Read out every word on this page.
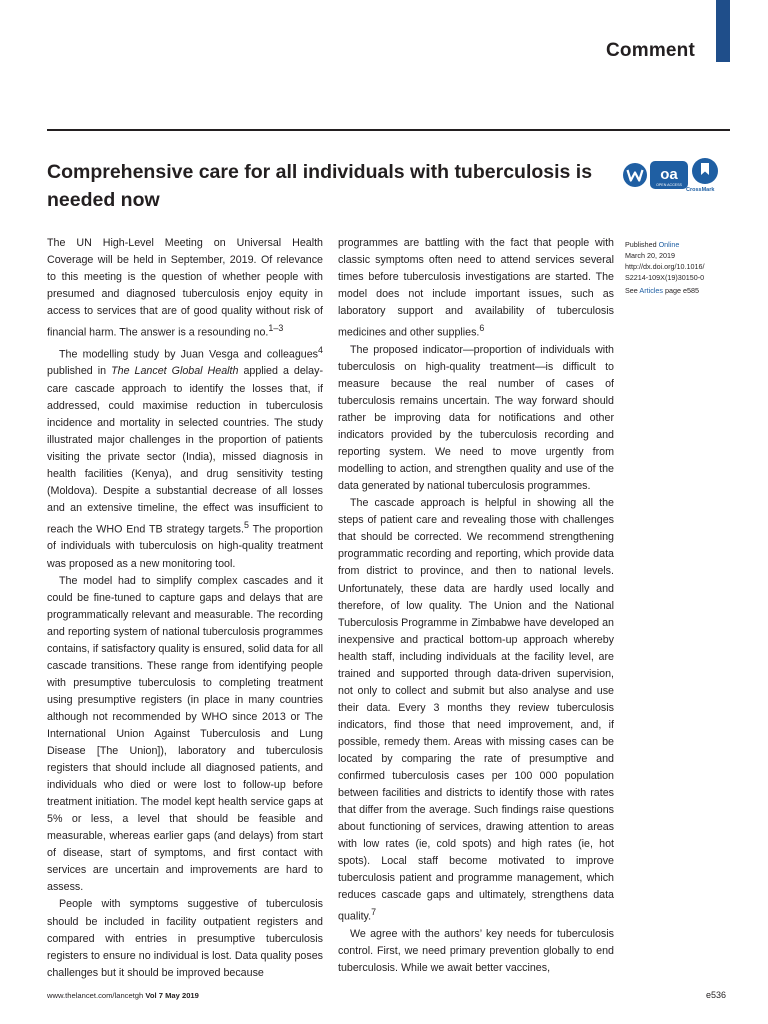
Comment
Comprehensive care for all individuals with tuberculosis is needed now
oa
OPEN ACCESS
CrossMark

The UN High-Level Meeting on Universal Health Coverage will be held in September, 2019. Of relevance to this meeting is the question of whether people with presumed and diagnosed tuberculosis enjoy equity in access to services that are of good quality without risk of financial harm. The answer is a resounding no.$^{1-3}$

The modelling study by Juan Vesga and colleagues$^4$ published in The Lancet Global Health applied a delay-care cascade approach to identify the losses that, if addressed, could maximise reduction in tuberculosis incidence and mortality in selected countries. The study illustrated major challenges in the proportion of patients visiting the private sector (India), missed diagnosis in health facilities (Kenya), and drug sensitivity testing (Moldova). Despite a substantial decrease of all losses and an extensive timeline, the effect was insufficient to reach the WHO End TB strategy targets.$^5$ The proportion of individuals with tuberculosis on high-quality treatment was proposed as a new monitoring tool.

The model had to simplify complex cascades and it could be fine-tuned to capture gaps and delays that are programmatically relevant and measurable. The recording and reporting system of national tuberculosis programmes contains, if satisfactory quality is ensured, solid data for all cascade transitions. These range from identifying people with presumptive tuberculosis to completing treatment using presumptive registers (in place in many countries although not recommended by WHO since 2013 or The International Union Against Tuberculosis and Lung Disease [The Union]), laboratory and tuberculosis registers that should include all diagnosed patients, and individuals who died or were lost to follow-up before treatment initiation. The model kept health service gaps at 5% or less, a level that should be feasible and measurable, whereas earlier gaps (and delays) from start of disease, start of symptoms, and first contact with services are uncertain and improvements are hard to assess.

People with symptoms suggestive of tuberculosis should be included in facility outpatient registers and compared with entries in presumptive tuberculosis registers to ensure no individual is lost. Data quality poses challenges but it should be improved because

programmes are battling with the fact that people with classic symptoms often need to attend services several times before tuberculosis investigations are started. The model does not include important issues, such as laboratory support and availability of tuberculosis medicines and other supplies.$^6$

The proposed indicator—proportion of individuals with tuberculosis on high-quality treatment—is difficult to measure because the real number of cases of tuberculosis remains uncertain. The way forward should rather be improving data for notifications and other indicators provided by the tuberculosis recording and reporting system. We need to move urgently from modelling to action, and strengthen quality and use of the data generated by national tuberculosis programmes.

The cascade approach is helpful in showing all the steps of patient care and revealing those with challenges that should be corrected. We recommend strengthening programmatic recording and reporting, which provide data from district to province, and then to national levels. Unfortunately, these data are hardly used locally and therefore, of low quality. The Union and the National Tuberculosis Programme in Zimbabwe have developed an inexpensive and practical bottom-up approach whereby health staff, including individuals at the facility level, are trained and supported through data-driven supervision, not only to collect and submit but also analyse and use their data. Every 3 months they review tuberculosis indicators, find those that need improvement, and, if possible, remedy them. Areas with missing cases can be located by comparing the rate of presumptive and confirmed tuberculosis cases per 100 000 population between facilities and districts to identify those with rates that differ from the average. Such findings raise questions about functioning of services, drawing attention to areas with low rates (ie, cold spots) and high rates (ie, hot spots). Local staff become motivated to improve tuberculosis patient and programme management, which reduces cascade gaps and ultimately, strengthens data quality.$^7$

We agree with the authors’ key needs for tuberculosis control. First, we need primary prevention globally to end tuberculosis. While we await better vaccines,

Published Online
March 20, 2019
http://dx.doi.org/10.1016/
S2214-109X(19)30150-0
See Articles page e585
www.thelancet.com/lancetgh Vol 7 May 2019	e536
